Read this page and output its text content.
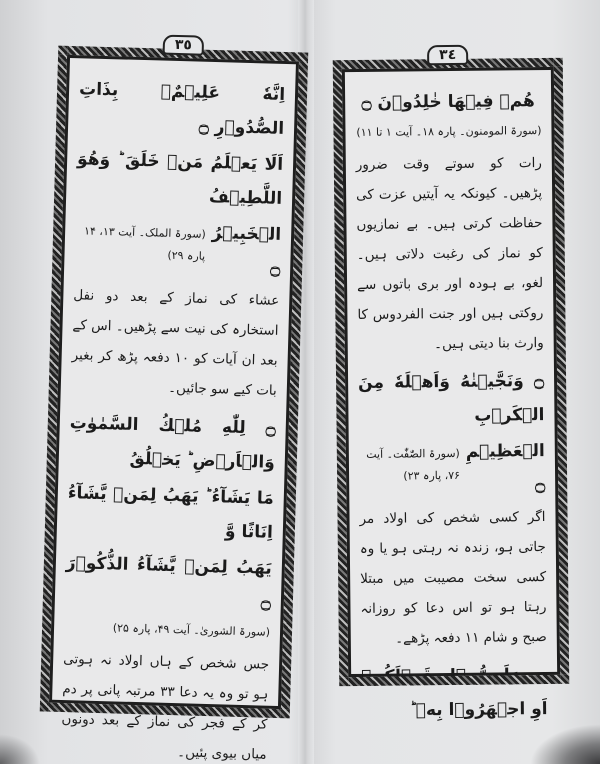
٣٥
اِنَّهٗ عَلِيۡمٌۢ بِذَاتِ الصُّدُوۡرِ ۝
اَلَا يَعۡلَمُ مَنۡ خَلَقَ ؕ وَهُوَ اللَّطِيۡفُ
الۡخَبِيۡرُ ۝
(سورۃ الملک۔ آیت ۱۳، ۱۴ پارہ ۲۹)
عشاء کی نماز کے بعد دو نفل استخارہ کی نیت سے پڑھیں۔ اس کے بعد ان آیات کو ۱۰ دفعہ پڑھ کر بغیر بات کیے سو جائیں۔
۝ لِلّٰهِ مُلۡكُ السَّمٰوٰتِ وَالۡاَرۡضِ ؕ يَخۡلُقُ
مَا يَشَآءُ ؕ يَهَبُ لِمَنۡ يَّشَآءُ اِنَاثًا وَّ
يَهَبُ لِمَنۡ يَّشَآءُ الذُّكُوۡرَ ۝
(سورۃ الشوریٰ۔ آیت ۴۹، پارہ ۲۵)
جس شخص کے ہاں اولاد نہ ہوتی ہو تو وہ یہ دعا ۳۳ مرتبہ پانی پر دم کر کے فجر کی نماز کے بعد دونوں میاں بیوی پئیں۔
٣٤
هُمۡ فِيۡهَا خٰلِدُوۡنَ ۝
(سورۃ المومنون۔ پارہ ۱۸۔ آیت ۱ تا ۱۱)
رات کو سوتے وقت ضرور پڑھیں۔ کیونکہ یہ آیتیں عزت کی حفاظت کرتی ہیں۔ بے نمازیوں کو نماز کی رغبت دلاتی ہیں۔ لغو، بے ہودہ اور بری باتوں سے روکتی ہیں اور جنت الفردوس کا وارث بنا دیتی ہیں۔
۝ وَنَجَّيۡنٰهُ وَاَهۡلَهٗ مِنَ الۡكَرۡبِ
الۡعَظِيۡمِ ۝
(سورۃ الصّٰفّٰت۔ آیت ۷۶، پارہ ۲۳)
اگر کسی شخص کی اولاد مر جاتی ہو، زندہ نہ رہتی ہو یا وہ کسی سخت مصیبت میں مبتلا رہتا ہو تو اس دعا کو روزانہ صبح و شام ۱۱ دفعہ پڑھے۔
۝ وَاَسِرُّوۡا قَوۡلَكُمۡ اَوِ اجۡهَرُوۡا بِهٖ ؕ
